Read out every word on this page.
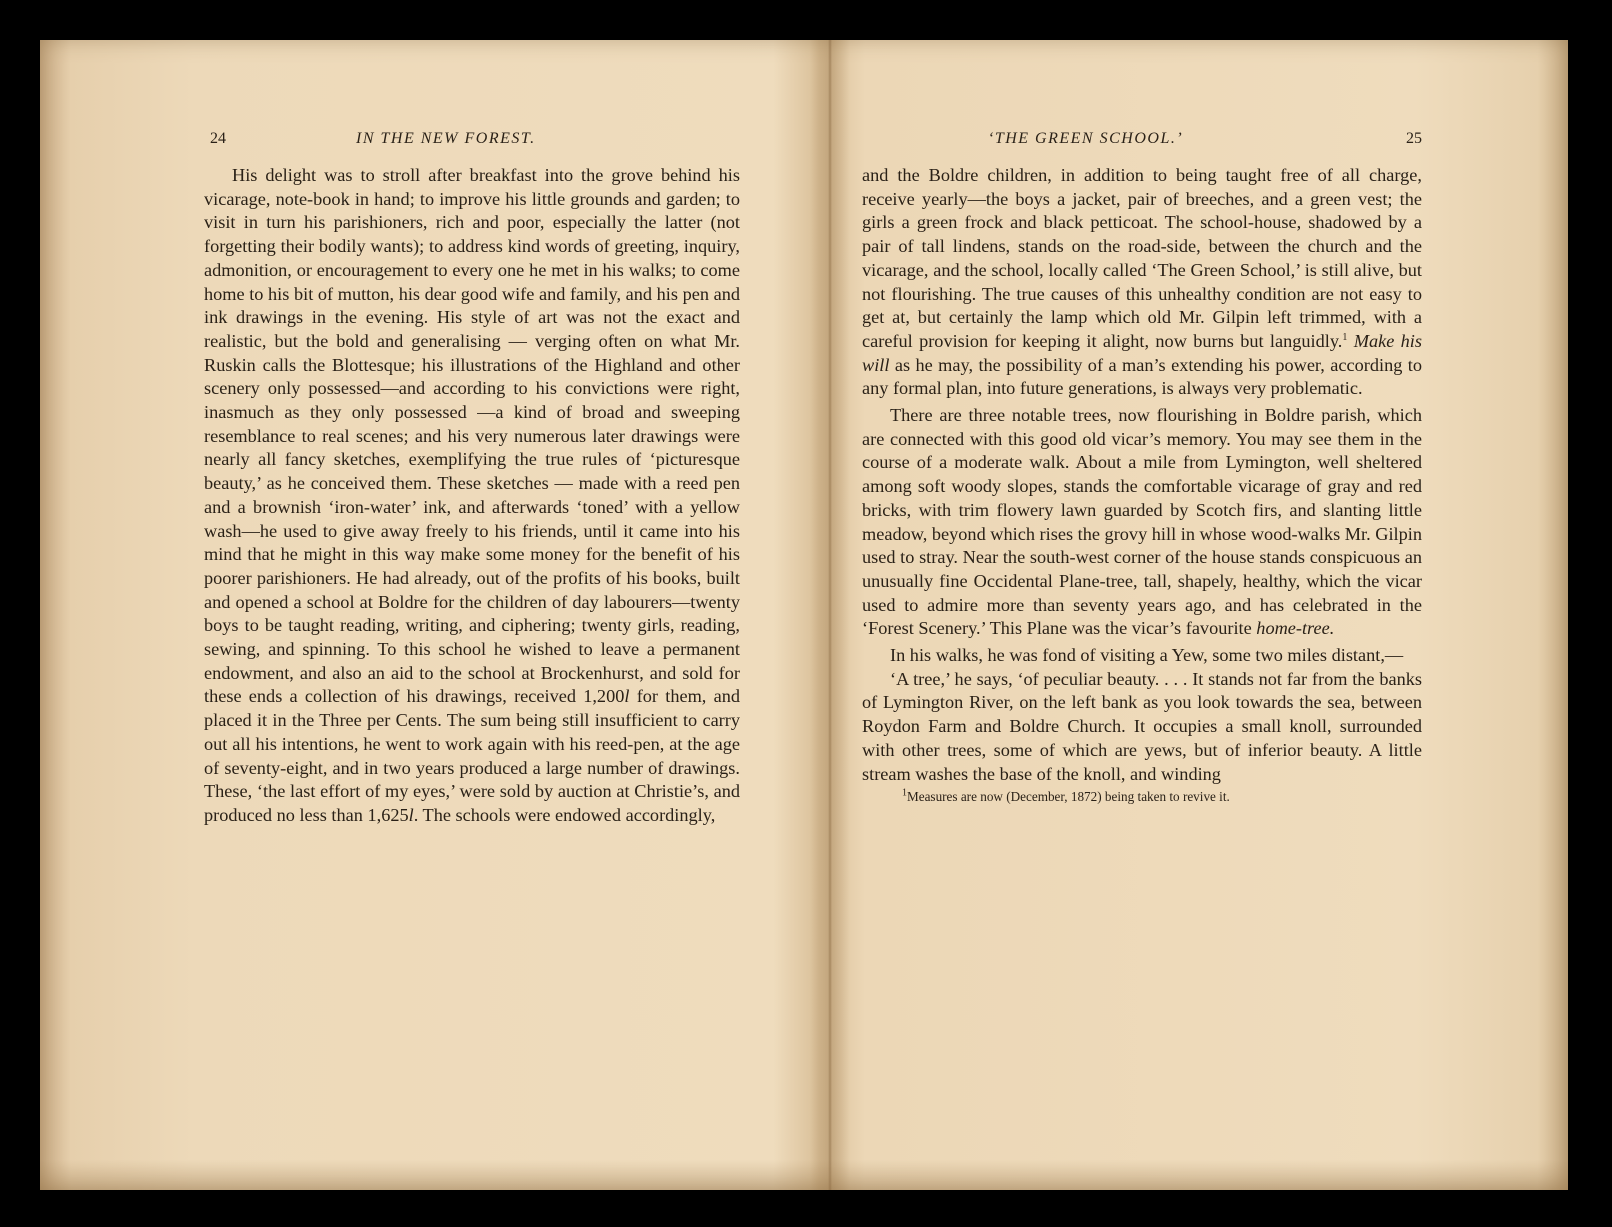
24	IN THE NEW FOREST.

His delight was to stroll after breakfast into the grove behind his vicarage, note-book in hand; to improve his little grounds and garden; to visit in turn his parishioners, rich and poor, especially the latter (not forgetting their bodily wants); to address kind words of greeting, inquiry, admonition, or encouragement to every one he met in his walks; to come home to his bit of mutton, his dear good wife and family, and his pen and ink drawings in the evening. His style of art was not the exact and realistic, but the bold and generalising — verging often on what Mr. Ruskin calls the Blottesque; his illustrations of the Highland and other scenery only possessed—and according to his convictions were right, inasmuch as they only possessed —a kind of broad and sweeping resemblance to real scenes; and his very numerous later drawings were nearly all fancy sketches, exemplifying the true rules of ‘picturesque beauty,’ as he conceived them. These sketches — made with a reed pen and a brownish ‘iron-water’ ink, and afterwards ‘toned’ with a yellow wash—he used to give away freely to his friends, until it came into his mind that he might in this way make some money for the benefit of his poorer parishioners. He had already, out of the profits of his books, built and opened a school at Boldre for the children of day labourers—twenty boys to be taught reading, writing, and ciphering; twenty girls, reading, sewing, and spinning. To this school he wished to leave a permanent endowment, and also an aid to the school at Brockenhurst, and sold for these ends a collection of his drawings, received 1,200l for them, and placed it in the Three per Cents. The sum being still insufficient to carry out all his intentions, he went to work again with his reed-pen, at the age of seventy-eight, and in two years produced a large number of drawings. These, ‘the last effort of my eyes,’ were sold by auction at Christie’s, and produced no less than 1,625l. The schools were endowed accordingly,

‘THE GREEN SCHOOL.’	25

and the Boldre children, in addition to being taught free of all charge, receive yearly—the boys a jacket, pair of breeches, and a green vest; the girls a green frock and black petticoat. The school-house, shadowed by a pair of tall lindens, stands on the road-side, between the church and the vicarage, and the school, locally called ‘The Green School,’ is still alive, but not flourishing. The true causes of this unhealthy condition are not easy to get at, but certainly the lamp which old Mr. Gilpin left trimmed, with a careful provision for keeping it alight, now burns but languidly.$^1$ Make his will as he may, the possibility of a man’s extending his power, according to any formal plan, into future generations, is always very problematic.

There are three notable trees, now flourishing in Boldre parish, which are connected with this good old vicar’s memory. You may see them in the course of a moderate walk. About a mile from Lymington, well sheltered among soft woody slopes, stands the comfortable vicarage of gray and red bricks, with trim flowery lawn guarded by Scotch firs, and slanting little meadow, beyond which rises the grovy hill in whose wood-walks Mr. Gilpin used to stray. Near the south-west corner of the house stands conspicuous an unusually fine Occidental Plane-tree, tall, shapely, healthy, which the vicar used to admire more than seventy years ago, and has celebrated in the ‘Forest Scenery.’ This Plane was the vicar’s favourite home-tree.

In his walks, he was fond of visiting a Yew, some two miles distant,—

‘A tree,’ he says, ‘of peculiar beauty. . . . It stands not far from the banks of Lymington River, on the left bank as you look towards the sea, between Roydon Farm and Boldre Church. It occupies a small knoll, surrounded with other trees, some of which are yews, but of inferior beauty. A little stream washes the base of the knoll, and winding

$^1$Measures are now (December, 1872) being taken to revive it.
